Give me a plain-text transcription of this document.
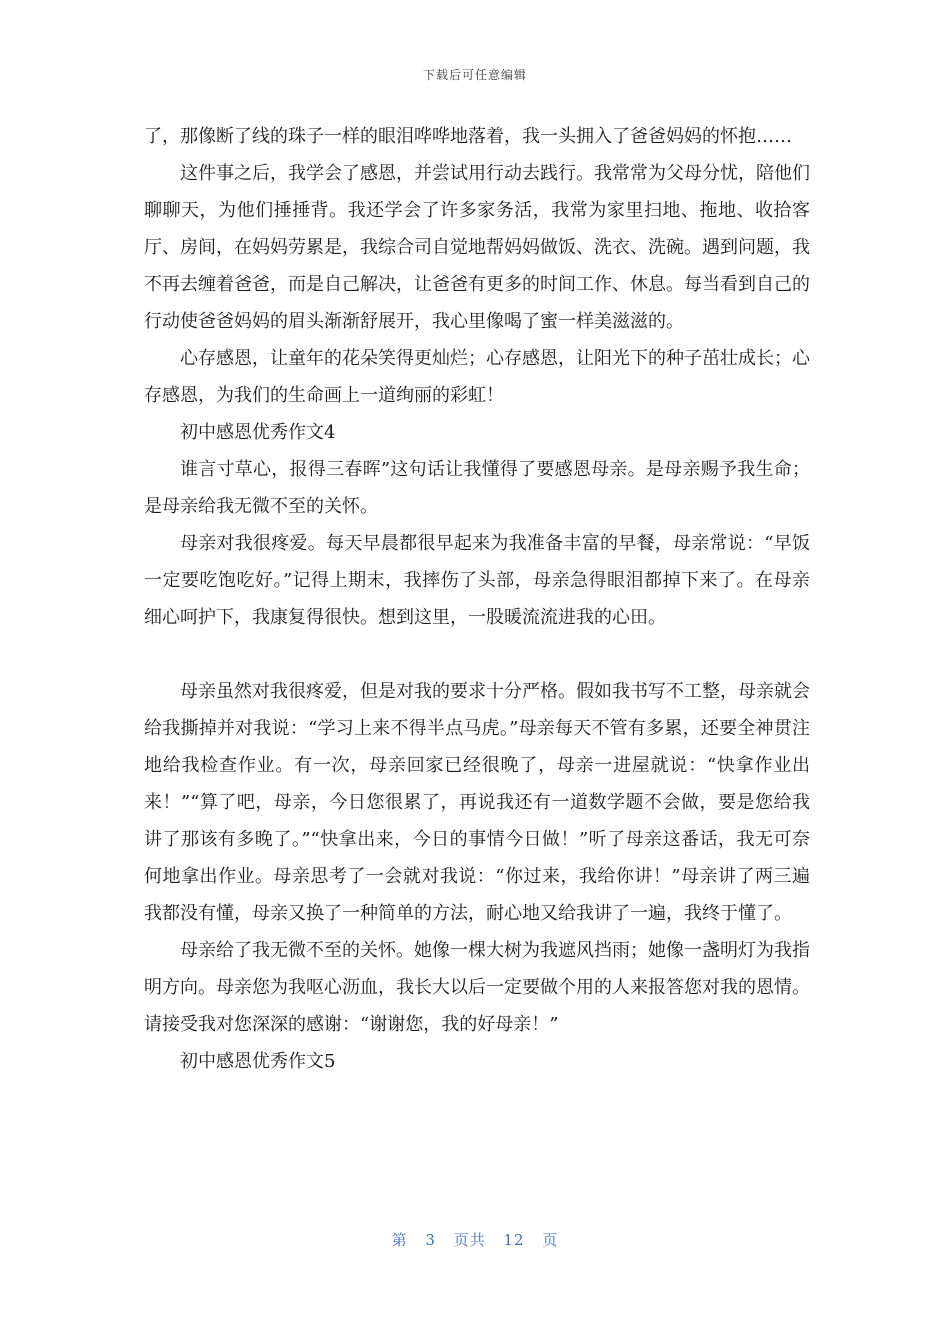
下载后可任意编辑

了，那像断了线的珠子一样的眼泪哗哗地落着，我一头拥入了爸爸妈妈的怀抱……

这件事之后，我学会了感恩，并尝试用行动去践行。我常常为父母分忧，陪他们聊聊天，为他们捶捶背。我还学会了许多家务活，我常为家里扫地、拖地、收拾客厅、房间，在妈妈劳累是，我综合司自觉地帮妈妈做饭、洗衣、洗碗。遇到问题，我不再去缠着爸爸，而是自己解决，让爸爸有更多的时间工作、休息。每当看到自己的行动使爸爸妈妈的眉头渐渐舒展开，我心里像喝了蜜一样美滋滋的。

心存感恩，让童年的花朵笑得更灿烂；心存感恩，让阳光下的种子茁壮成长；心存感恩，为我们的生命画上一道绚丽的彩虹！

初中感恩优秀作文4

谁言寸草心，报得三春晖”这句话让我懂得了要感恩母亲。是母亲赐予我生命；是母亲给我无微不至的关怀。

母亲对我很疼爱。每天早晨都很早起来为我准备丰富的早餐，母亲常说：“早饭一定要吃饱吃好。”记得上期末，我摔伤了头部，母亲急得眼泪都掉下来了。在母亲细心呵护下，我康复得很快。想到这里，一股暖流流进我的心田。

母亲虽然对我很疼爱，但是对我的要求十分严格。假如我书写不工整，母亲就会给我撕掉并对我说：“学习上来不得半点马虎。”母亲每天不管有多累，还要全神贯注地给我检查作业。有一次，母亲回家已经很晚了，母亲一进屋就说：“快拿作业出来！”“算了吧，母亲，今日您很累了，再说我还有一道数学题不会做，要是您给我讲了那该有多晚了。”“快拿出来，今日的事情今日做！”听了母亲这番话，我无可奈何地拿出作业。母亲思考了一会就对我说：“你过来，我给你讲！”母亲讲了两三遍我都没有懂，母亲又换了一种简单的方法，耐心地又给我讲了一遍，我终于懂了。

母亲给了我无微不至的关怀。她像一棵大树为我遮风挡雨；她像一盏明灯为我指明方向。母亲您为我呕心沥血，我长大以后一定要做个用的人来报答您对我的恩情。请接受我对您深深的感谢：“谢谢您，我的好母亲！”

初中感恩优秀作文5

第 3 页共 12 页
